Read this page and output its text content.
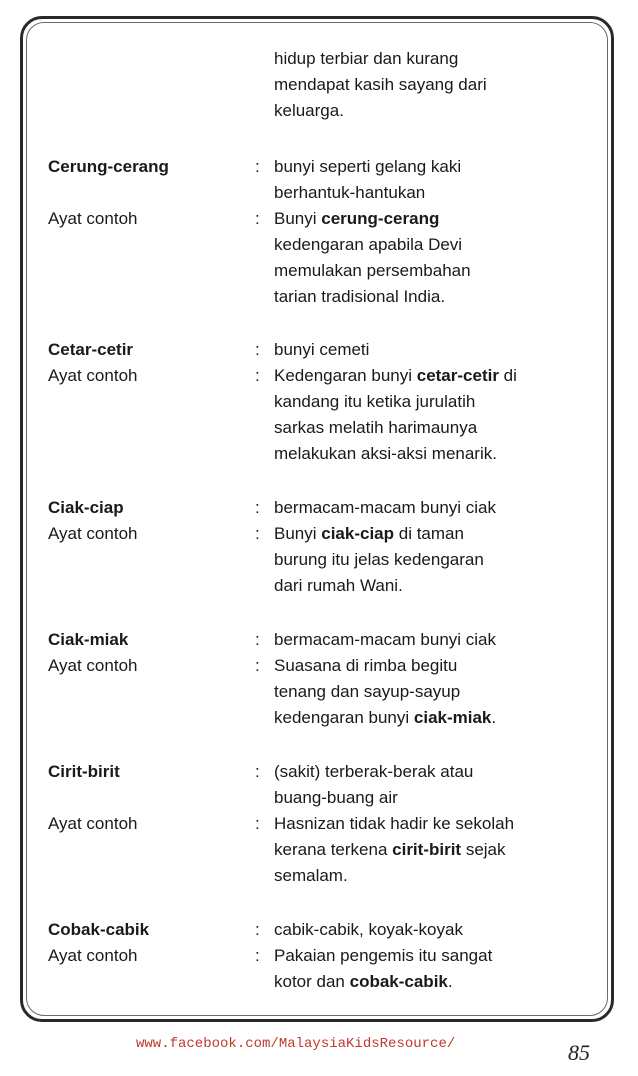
hidup terbiar dan kurang
mendapat kasih sayang dari
keluarga.
Cerung-cerang	: bunyi seperti gelang kaki
berhantuk-hantukan
Ayat contoh	: Bunyi cerung-cerang
kedengaran apabila Devi
memulakan persembahan
tarian tradisional India.
Cetar-cetir	: bunyi cemeti
Ayat contoh	: Kedengaran bunyi cetar-cetir di
kandang itu ketika jurulatih
sarkas melatih harimaunya
melakukan aksi-aksi menarik.
Ciak-ciap	: bermacam-macam bunyi ciak
Ayat contoh	: Bunyi ciak-ciap di taman
burung itu jelas kedengaran
dari rumah Wani.
Ciak-miak	: bermacam-macam bunyi ciak
Ayat contoh	: Suasana di rimba begitu
tenang dan sayup-sayup
kedengaran bunyi ciak-miak.
Cirit-birit	: (sakit) terberak-berak atau
buang-buang air
Ayat contoh	: Hasnizan tidak hadir ke sekolah
kerana terkena cirit-birit sejak
semalam.
Cobak-cabik	: cabik-cabik, koyak-koyak
Ayat contoh	: Pakaian pengemis itu sangat
kotor dan cobak-cabik.
www.facebook.com/MalaysiaKidsResource/	85
